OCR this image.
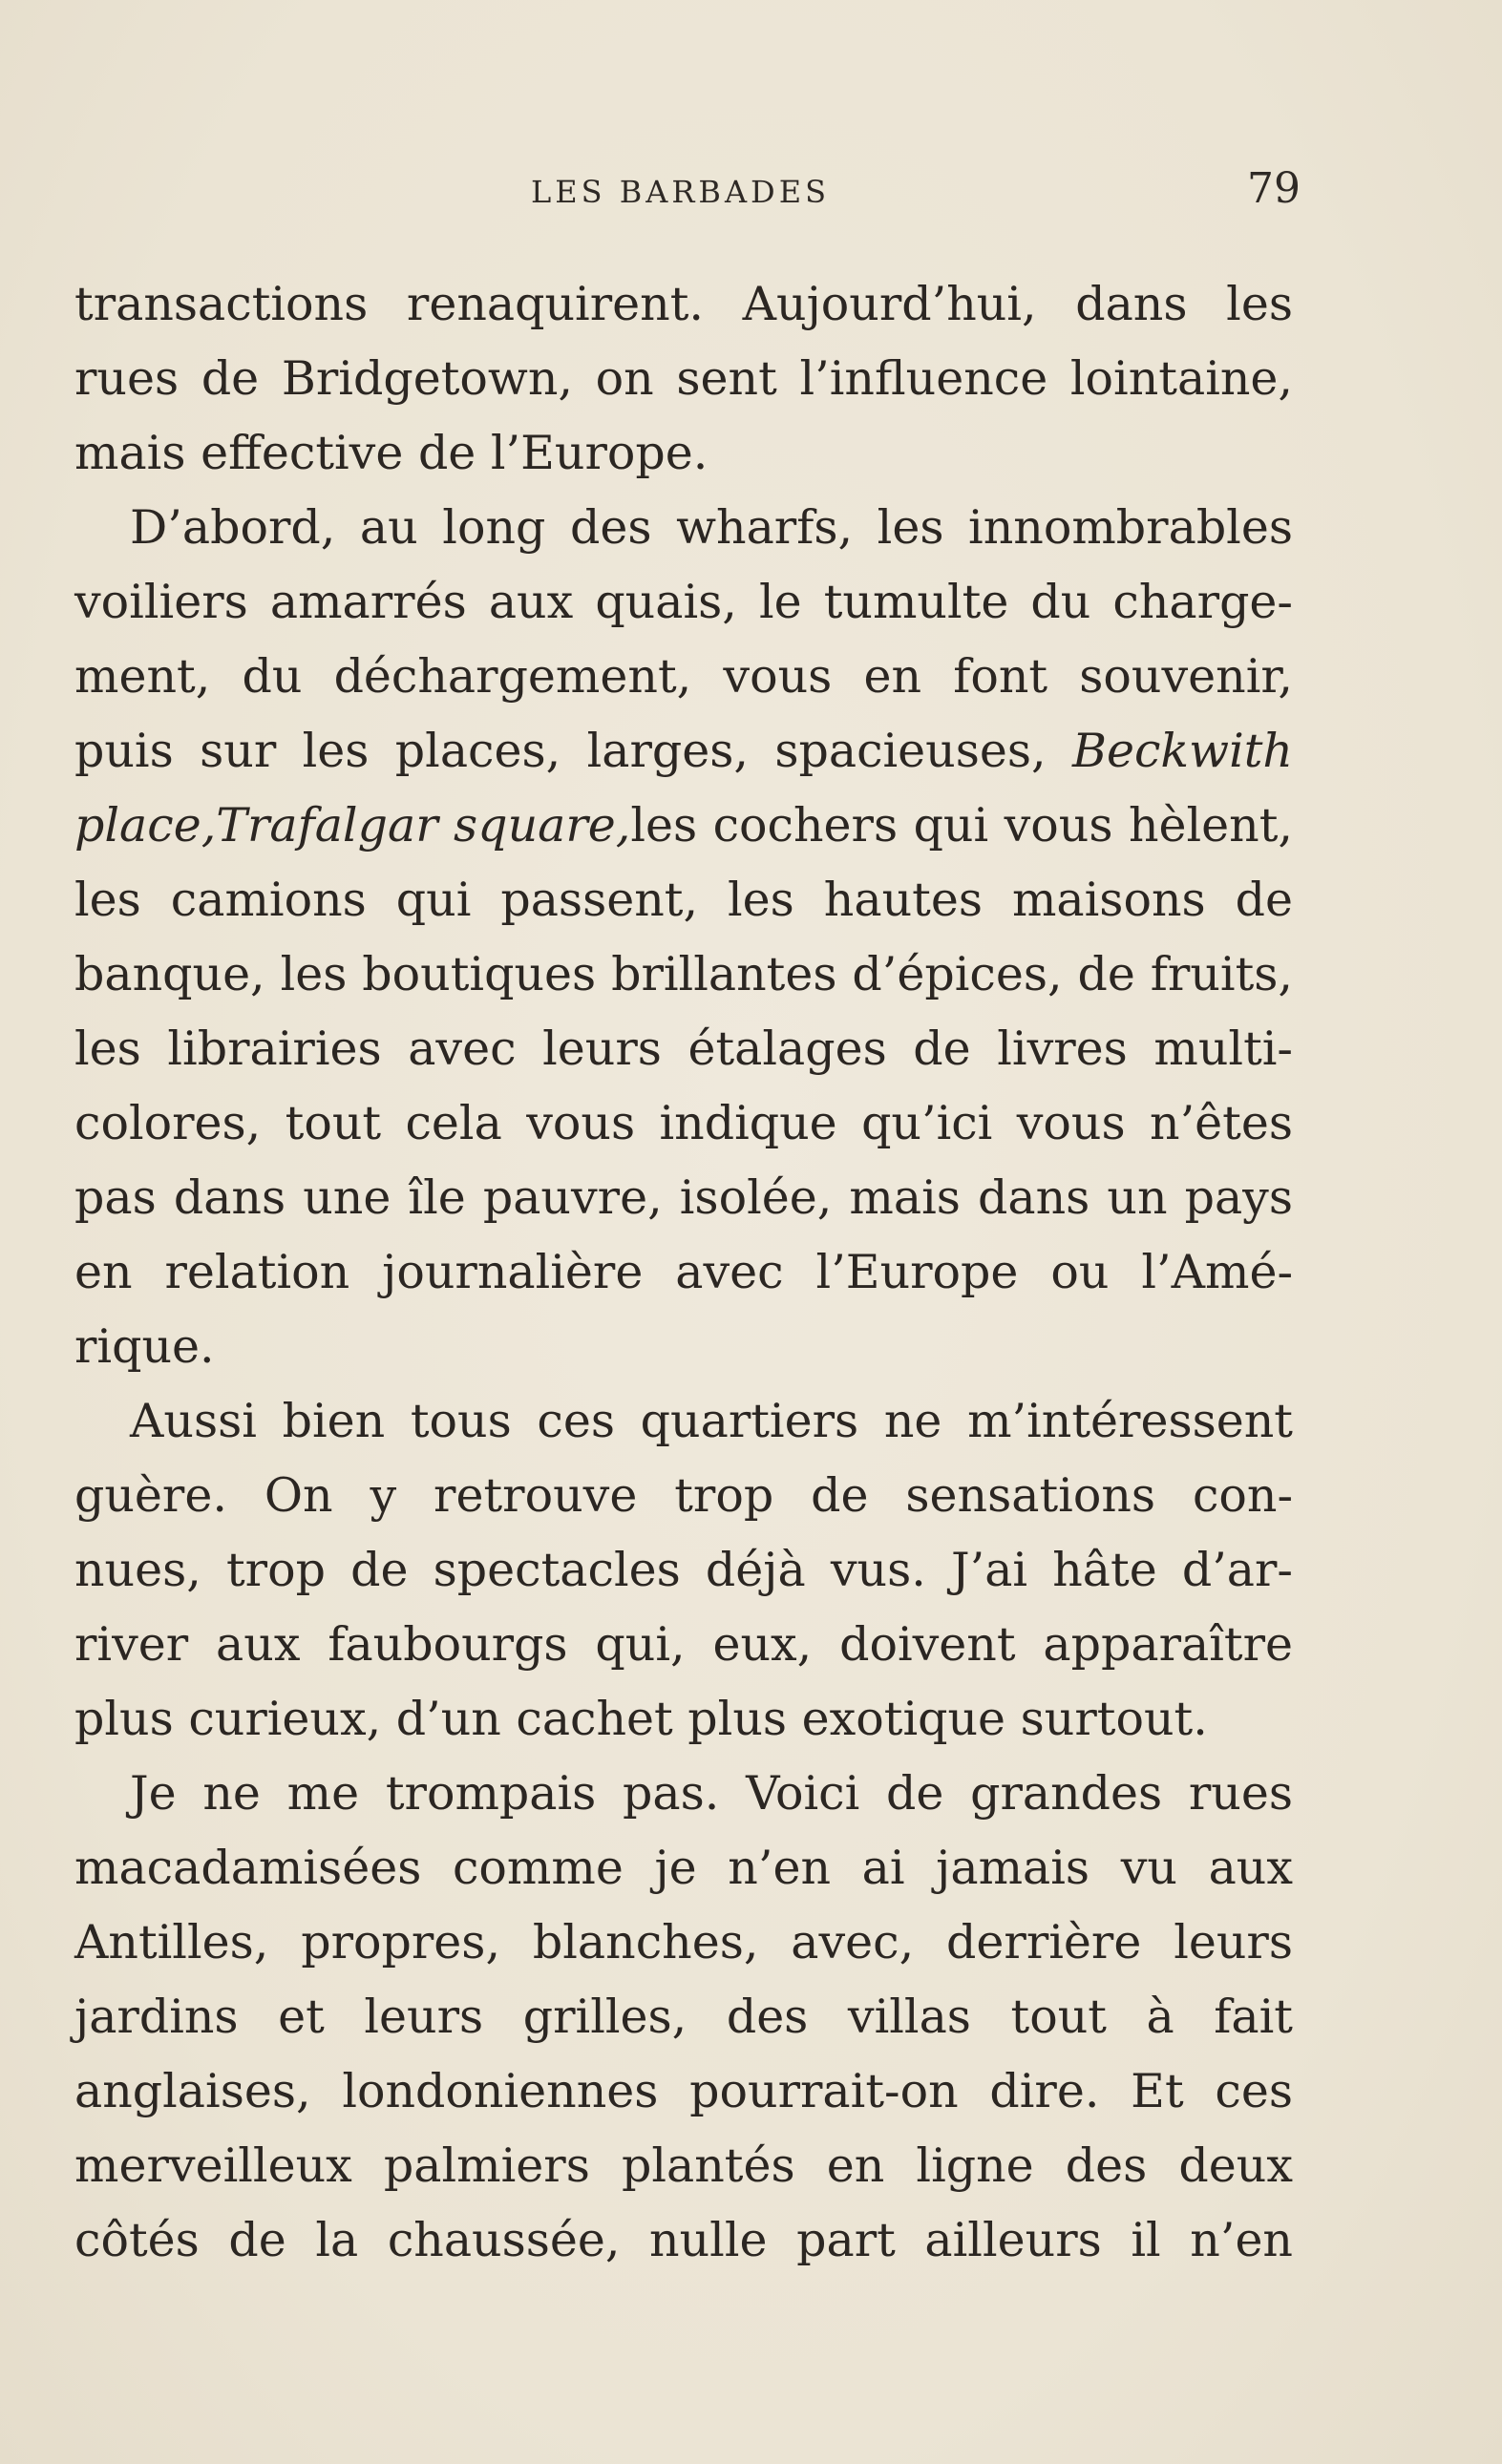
LES BARBADES	79
transactions renaquirent. Aujourd’hui, dans les
rues de Bridgetown, on sent l’influence lointaine,
mais effective de l’Europe.
D’abord, au long des wharfs, les innombrables
voiliers amarrés aux quais, le tumulte du charge-
ment, du déchargement, vous en font souvenir,
puis sur les places, larges, spacieuses, Beckwith
place,Trafalgar square,les cochers qui vous hèlent,
les camions qui passent, les hautes maisons de
banque, les boutiques brillantes d’épices, de fruits,
les librairies avec leurs étalages de livres multi-
colores, tout cela vous indique qu’ici vous n’êtes
pas dans une île pauvre, isolée, mais dans un pays
en relation journalière avec l’Europe ou l’Amé-
rique.
Aussi bien tous ces quartiers ne m’intéressent
guère. On y retrouve trop de sensations con-
nues, trop de spectacles déjà vus. J’ai hâte d’ar-
river aux faubourgs qui, eux, doivent apparaître
plus curieux, d’un cachet plus exotique surtout.
Je ne me trompais pas. Voici de grandes rues
macadamisées comme je n’en ai jamais vu aux
Antilles, propres, blanches, avec, derrière leurs
jardins et leurs grilles, des villas tout à fait
anglaises, londoniennes pourrait-on dire. Et ces
merveilleux palmiers plantés en ligne des deux
côtés de la chaussée, nulle part ailleurs il n’en
